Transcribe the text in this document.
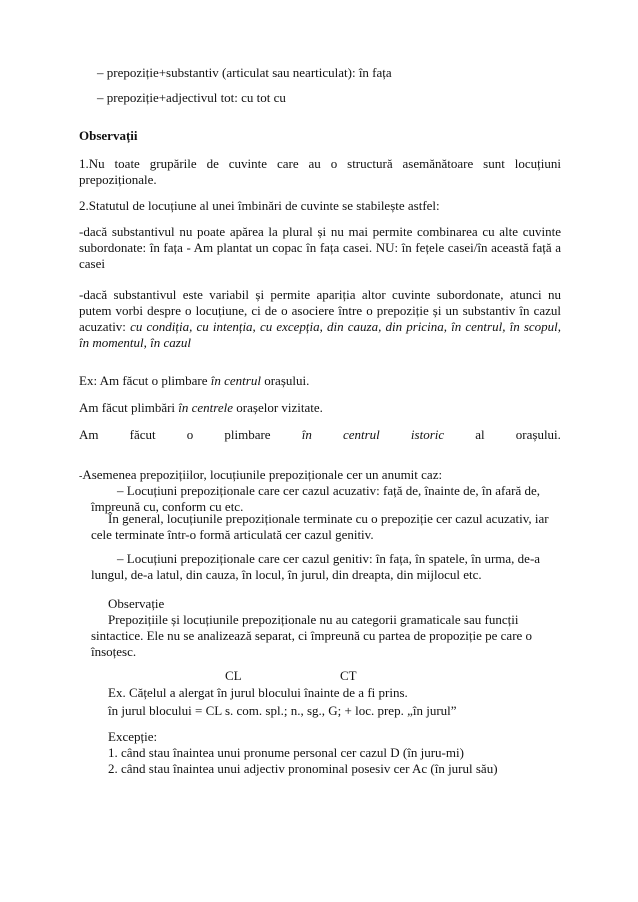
– prepoziție+substantiv (articulat sau nearticulat): în fața
– prepoziție+adjectivul tot: cu tot cu
Observații
1.Nu toate grupările de cuvinte care au o structură asemănătoare sunt locuțiuni prepoziționale.
2.Statutul de locuțiune al unei îmbinări de cuvinte se stabilește astfel:
-dacă substantivul nu poate apărea la plural și nu mai permite combinarea cu alte cuvinte subordonate: în fața - Am plantat un copac în fața casei. NU: în fețele casei/în această față a casei
-dacă substantivul este variabil și permite apariția altor cuvinte subordonate, atunci nu putem vorbi despre o locuțiune, ci de o asociere între o prepoziție și un substantiv în cazul acuzativ: cu condiția, cu intenția, cu excepția, din cauza, din pricina, în centrul, în scopul, în momentul, în cazul
Ex: Am făcut o plimbare în centrul orașului.
Am făcut plimbări în centrele orașelor vizitate.
Am făcut o plimbare în centrul istoric al orașului.
-Asemenea prepozițiilor, locuțiunile prepoziționale cer un anumit caz:
– Locuțiuni prepoziționale care cer cazul acuzativ: față de, înainte de, în afară de, împreună cu, conform cu etc.
În general, locuțiunile prepoziționale terminate cu o prepoziție cer cazul acuzativ, iar cele terminate într-o formă articulată cer cazul genitiv.
– Locuțiuni prepoziționale care cer cazul genitiv: în fața, în spatele, în urma, de-a lungul, de-a latul, din cauza, în locul, în jurul, din dreapta, din mijlocul etc.
Observație
Prepozițiile și locuțiunile prepoziționale nu au categorii gramaticale sau funcții sintactice. Ele nu se analizează separat, ci împreună cu partea de propoziție pe care o însoțesc.
CL	CT
Ex. Cățelul a alergat în jurul blocului înainte de a fi prins.
în jurul blocului = CL s. com. spl.; n., sg., G; + loc. prep. „în jurul”
Excepție:
1. când stau înaintea unui pronume personal cer cazul D (în juru-mi)
2. când stau înaintea unui adjectiv pronominal posesiv cer Ac (în jurul său)
